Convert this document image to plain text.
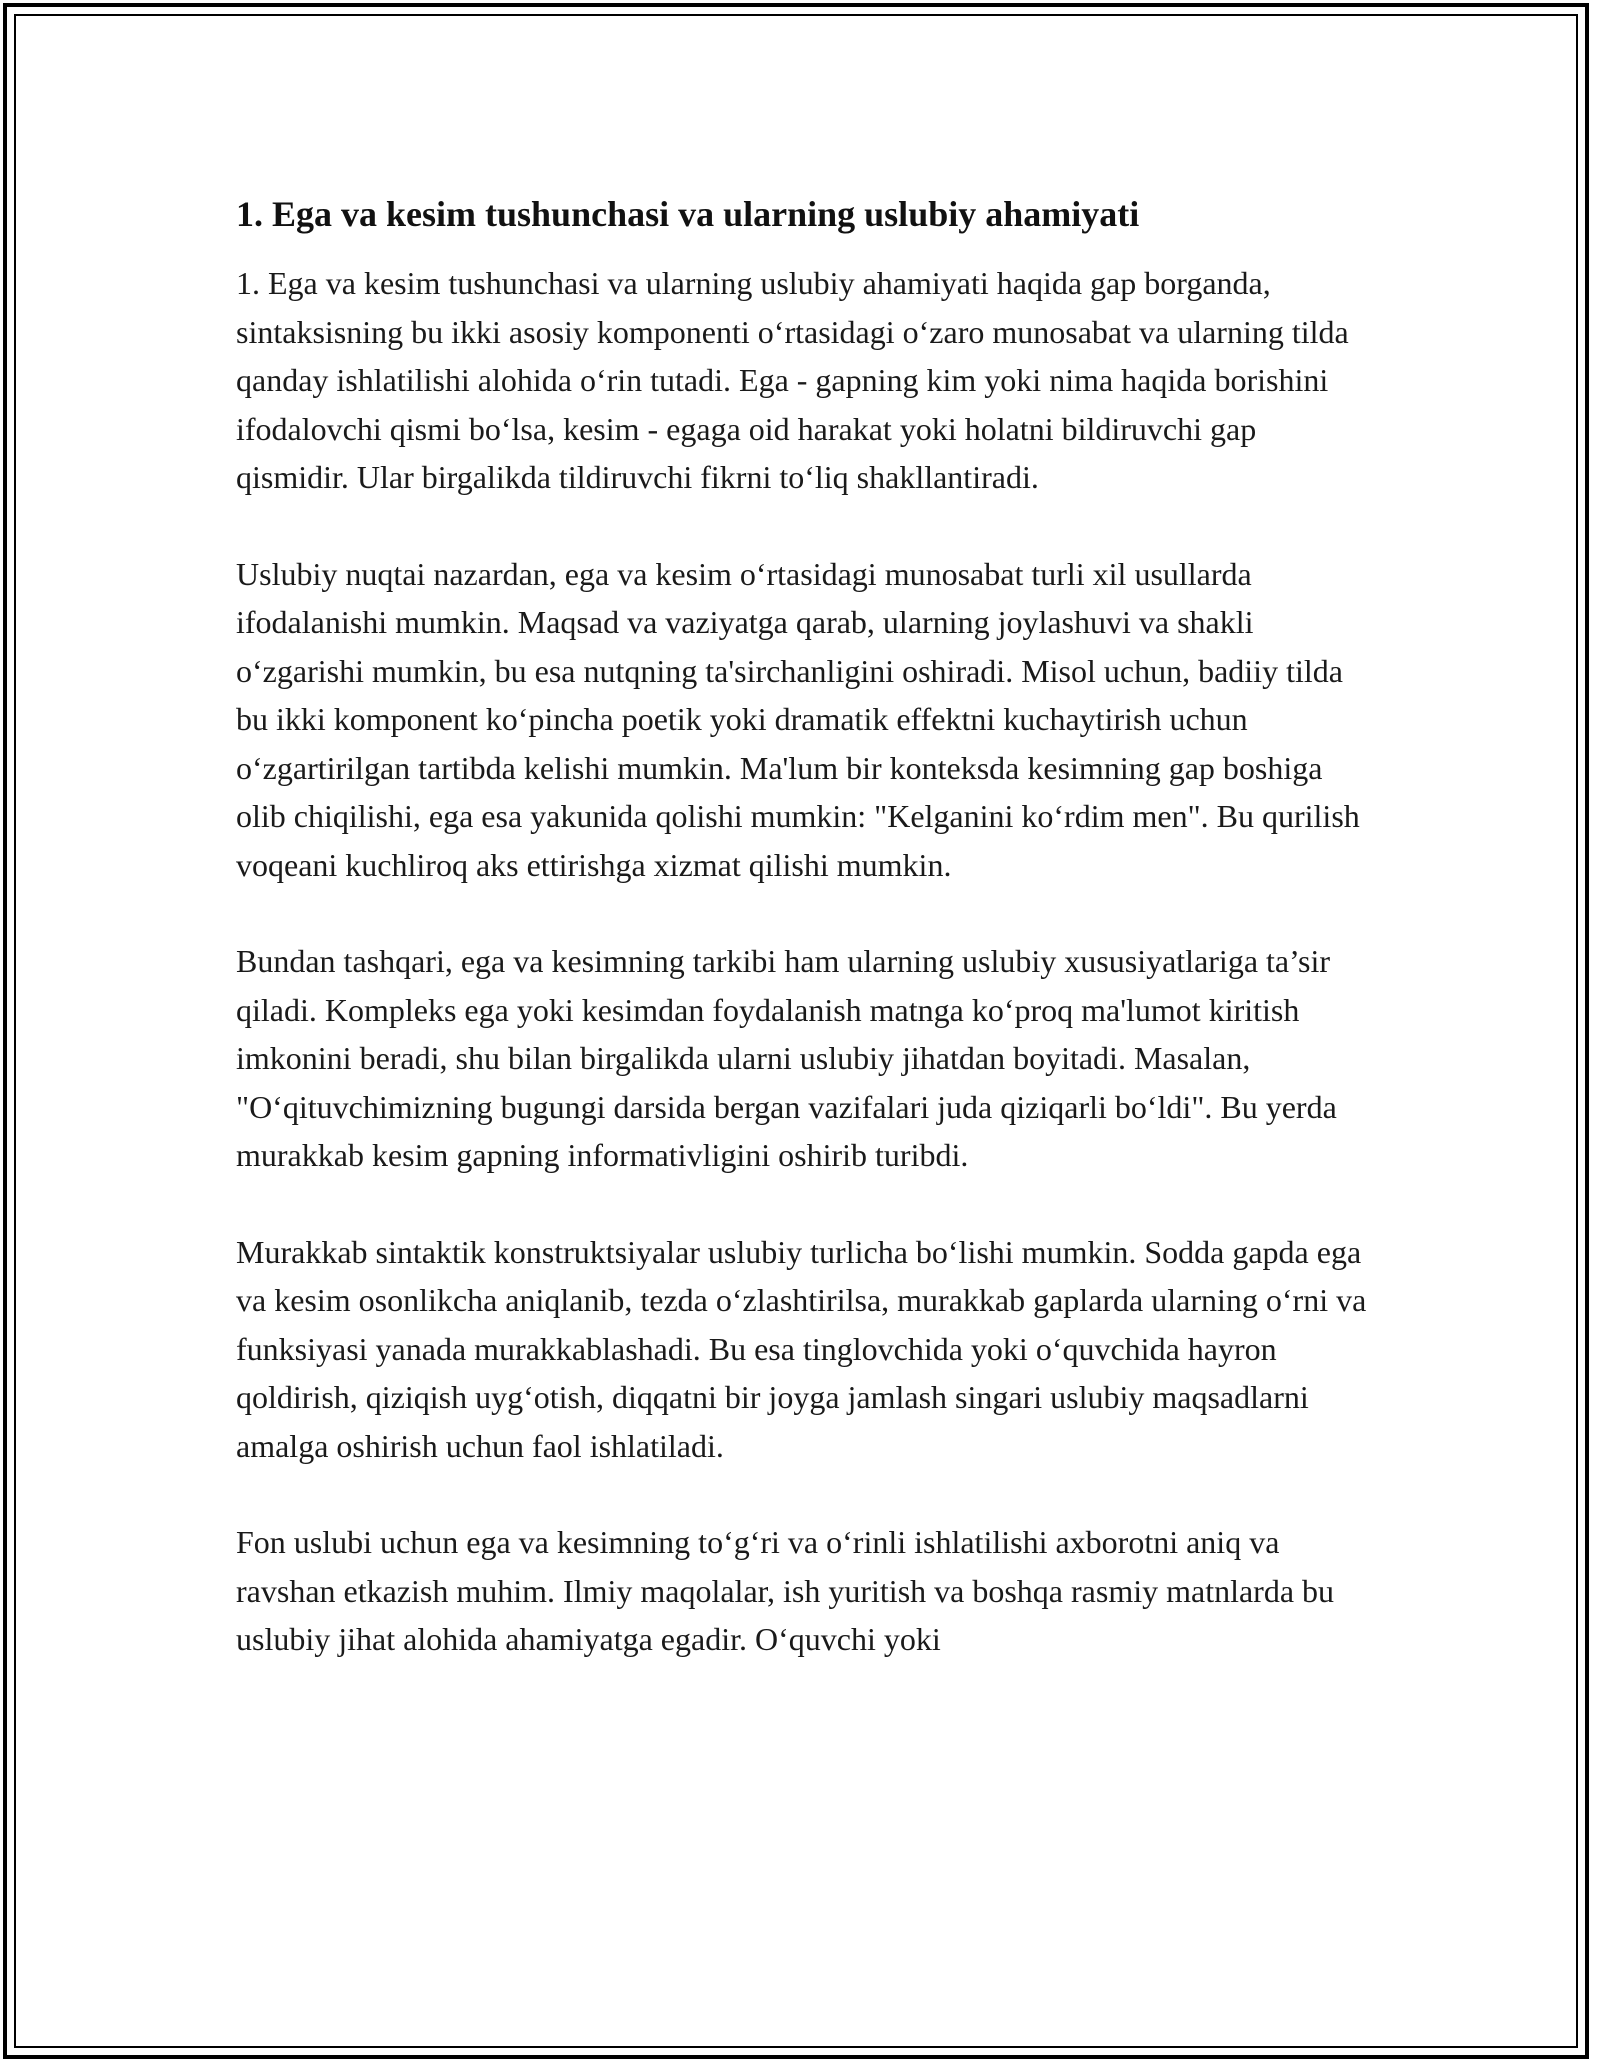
1. Ega va kesim tushunchasi va ularning uslubiy ahamiyati

1. Ega va kesim tushunchasi va ularning uslubiy ahamiyati haqida gap borganda, sintaksisning bu ikki asosiy komponenti oʻrtasidagi oʻzaro munosabat va ularning tilda qanday ishlatilishi alohida oʻrin tutadi. Ega - gapning kim yoki nima haqida borishini ifodalovchi qismi boʻlsa, kesim - egaga oid harakat yoki holatni bildiruvchi gap qismidir. Ular birgalikda tildiruvchi fikrni toʻliq shakllantiradi.

Uslubiy nuqtai nazardan, ega va kesim oʻrtasidagi munosabat turli xil usullarda ifodalanishi mumkin. Maqsad va vaziyatga qarab, ularning joylashuvi va shakli oʻzgarishi mumkin, bu esa nutqning ta'sirchanligini oshiradi. Misol uchun, badiiy tilda bu ikki komponent koʻpincha poetik yoki dramatik effektni kuchaytirish uchun oʻzgartirilgan tartibda kelishi mumkin. Ma'lum bir konteksda kesimning gap boshiga olib chiqilishi, ega esa yakunida qolishi mumkin: "Kelganini koʻrdim men". Bu qurilish voqeani kuchliroq aks ettirishga xizmat qilishi mumkin.

Bundan tashqari, ega va kesimning tarkibi ham ularning uslubiy xususiyatlariga ta’sir qiladi. Kompleks ega yoki kesimdan foydalanish matnga koʻproq ma'lumot kiritish imkonini beradi, shu bilan birgalikda ularni uslubiy jihatdan boyitadi. Masalan, "Oʻqituvchimizning bugungi darsida bergan vazifalari juda qiziqarli boʻldi". Bu yerda murakkab kesim gapning informativligini oshirib turibdi.

Murakkab sintaktik konstruktsiyalar uslubiy turlicha boʻlishi mumkin. Sodda gapda ega va kesim osonlikcha aniqlanib, tezda oʻzlashtirilsa, murakkab gaplarda ularning oʻrni va funksiyasi yanada murakkablashadi. Bu esa tinglovchida yoki oʻquvchida hayron qoldirish, qiziqish uygʻotish, diqqatni bir joyga jamlash singari uslubiy maqsadlarni amalga oshirish uchun faol ishlatiladi.

Fon uslubi uchun ega va kesimning toʻgʻri va oʻrinli ishlatilishi axborotni aniq va ravshan etkazish muhim. Ilmiy maqolalar, ish yuritish va boshqa rasmiy matnlarda bu uslubiy jihat alohida ahamiyatga egadir. Oʻquvchi yoki
